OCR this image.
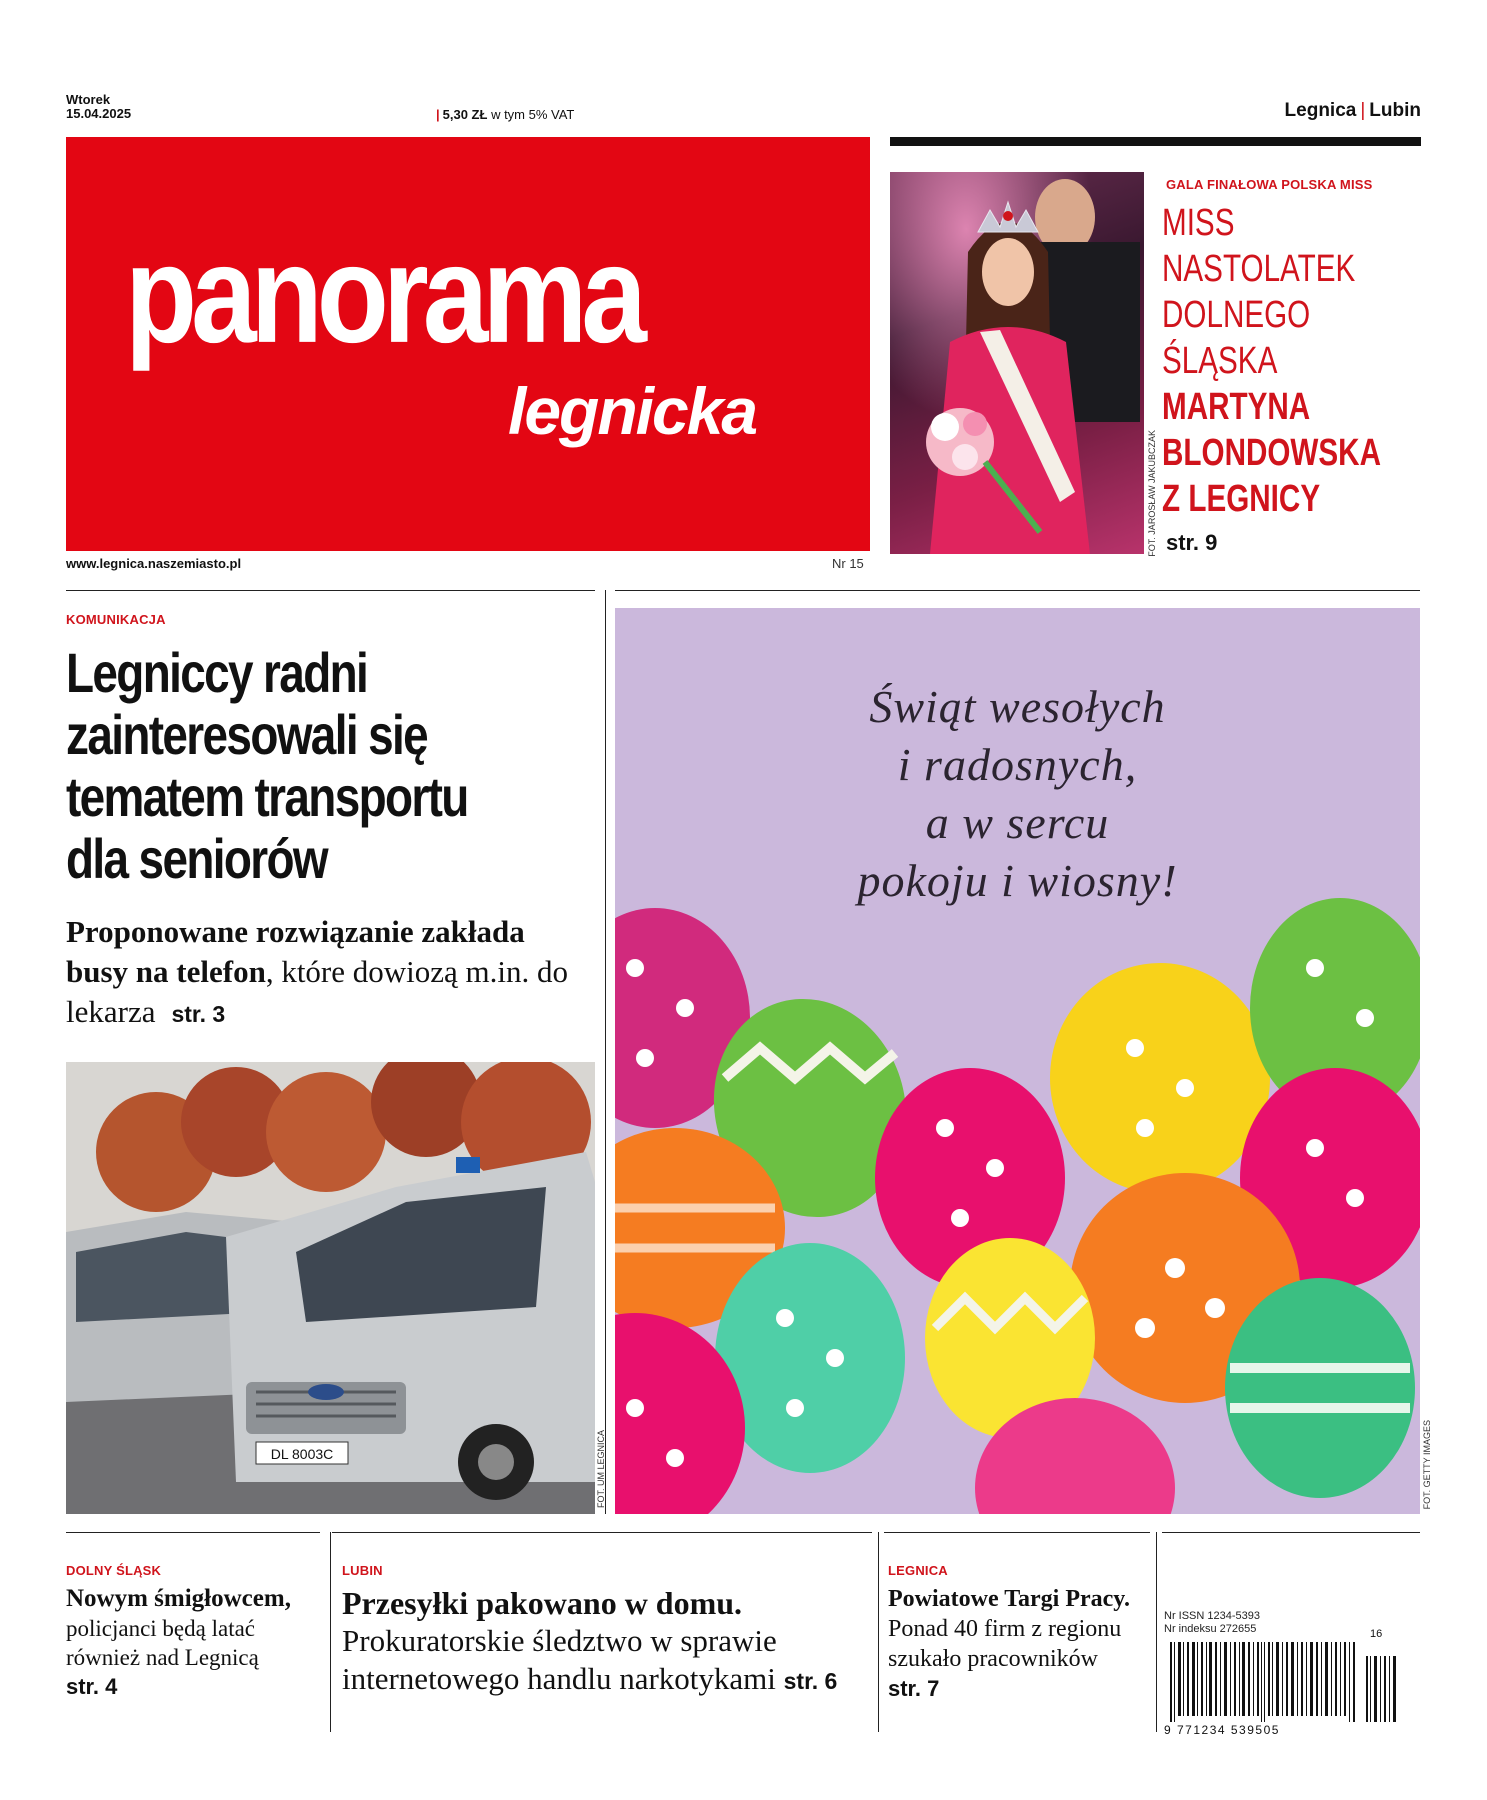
Wtorek
15.04.2025	| 5,30 ZŁ w tym 5% VAT	Legnica | Lubin
panorama
legnicka
www.legnica.naszemiasto.pl	Nr 15
FOT. JAROSŁAW JAKUBCZAK
GALA FINAŁOWA POLSKA MISS
MISS
NASTOLATEK
DOLNEGO
ŚLĄSKA
MARTYNA
BLONDOWSKA
Z LEGNICY
str. 9
KOMUNIKACJA
Legniccy radni
zainteresowali się
tematem transportu
dla seniorów
Proponowane rozwiązanie zakłada busy na telefon, które dowiozą m.in. do lekarza str. 3
DL 8003C	FOT. UM LEGNICA
Świąt wesołych
i radosnych,
a w sercu
pokoju i wiosny!
FOT. GETTY IMAGES
DOLNY ŚLĄSK
Nowym śmigłowcem,
policjanci będą latać również nad Legnicą
str. 4
LUBIN
Przesyłki pakowano w domu.
Prokuratorskie śledztwo w sprawie internetowego handlu narkotykami str. 6
LEGNICA
Powiatowe Targi Pracy. Ponad 40 firm z regionu szukało pracowników
str. 7
Nr ISSN 1234-5393
Nr indeksu 272655	16
9 771234 539505
